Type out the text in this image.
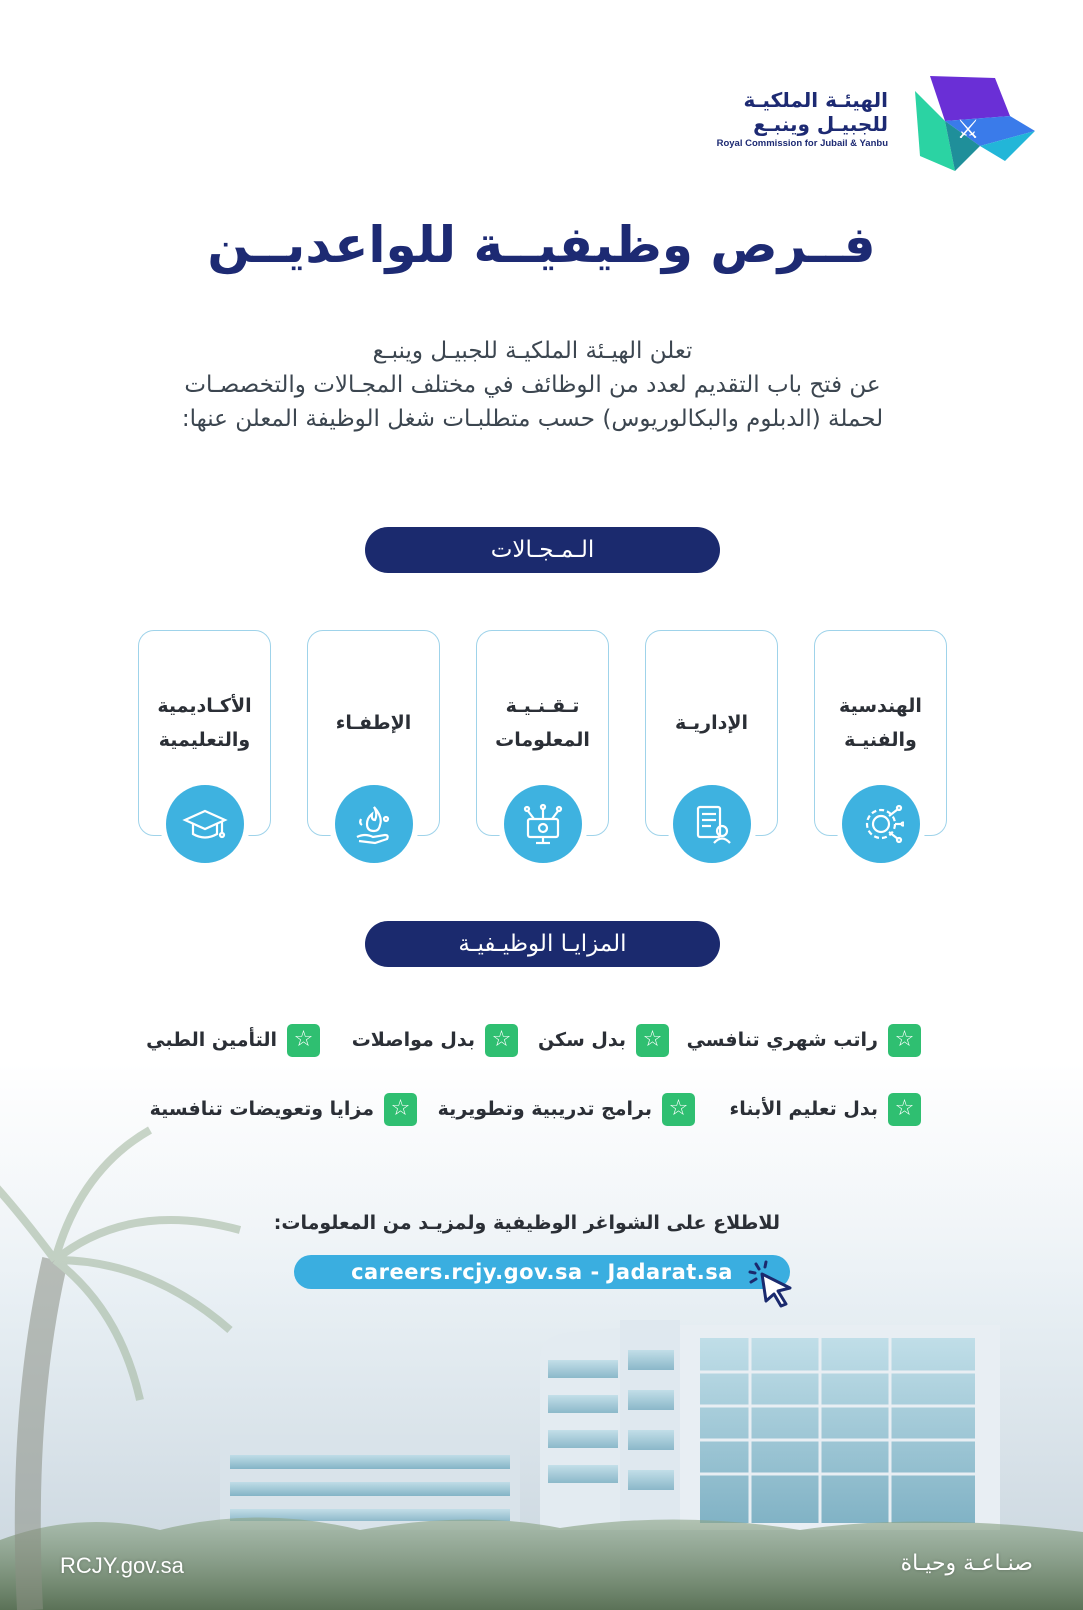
الهيئـة الملكيـة
للجبيـل وينبـع
Royal Commission for Jubail & Yanbu	⚔
فــرص وظيفيــة للواعديــن
تعلن الهيـئة الملكيـة للجبيـل وينبـع
عن فتح باب التقديم لعدد من الوظائف في مختلف المجـالات والتخصصـات
لحملة (الدبلوم والبكالوريوس) حسب متطلبـات شغل الوظيفة المعلن عنها:
الـمـجـالات
الهندسية والفنيـة
الإداريـة
تـقـنـيـة المعلومات
الإطفـاء
الأكـاديمية والتعليمية
المزايـا الوظيـفيـة
☆
راتب شهري تنافسي
☆
بدل سكن
☆
بدل مواصلات
☆
التأمين الطبي
☆
بدل تعليم الأبناء
☆
برامج تدريبية وتطويرية
☆
مزايا وتعويضات تنافسية
للاطلاع على الشواغر الوظيفية ولمزيـد من المعلومات:
careers.rcjy.gov.sa - Jadarat.sa
RCJY.gov.sa	صنـاعـة وحيـاة
